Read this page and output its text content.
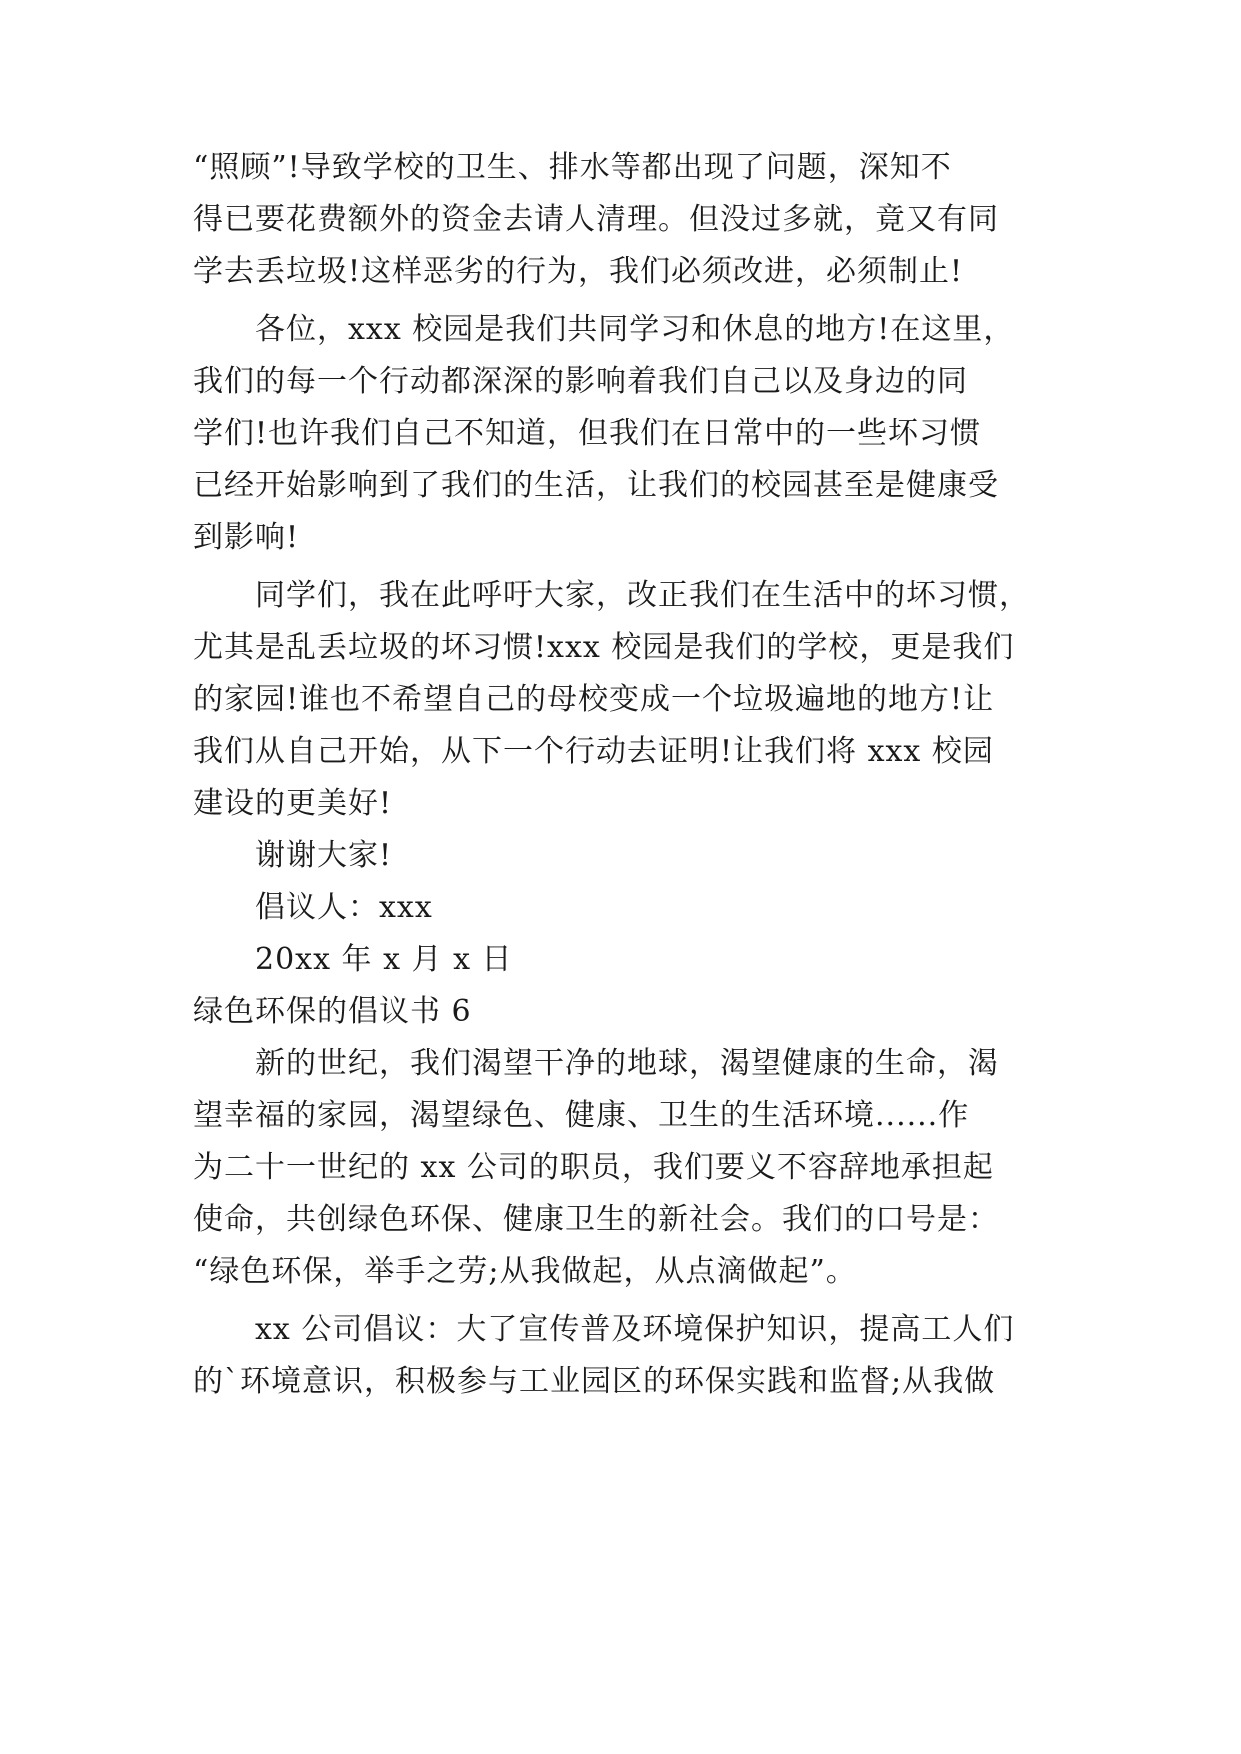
“照顾”!导致学校的卫生、排水等都出现了问题，深知不
得已要花费额外的资金去请人清理。但没过多就，竟又有同
学去丢垃圾!这样恶劣的行为，我们必须改进，必须制止!
各位，xxx 校园是我们共同学习和休息的地方!在这里，
我们的每一个行动都深深的影响着我们自己以及身边的同
学们!也许我们自己不知道，但我们在日常中的一些坏习惯
已经开始影响到了我们的生活，让我们的校园甚至是健康受
到影响!
同学们，我在此呼吁大家，改正我们在生活中的坏习惯，
尤其是乱丢垃圾的坏习惯!xxx 校园是我们的学校，更是我们
的家园!谁也不希望自己的母校变成一个垃圾遍地的地方!让
我们从自己开始，从下一个行动去证明!让我们将 xxx 校园
建设的更美好!
谢谢大家!
倡议人：xxx
20xx 年 x 月 x 日
绿色环保的倡议书 6
新的世纪，我们渴望干净的地球，渴望健康的生命，渴
望幸福的家园，渴望绿色、健康、卫生的生活环境......作
为二十一世纪的 xx 公司的职员，我们要义不容辞地承担起
使命，共创绿色环保、健康卫生的新社会。我们的口号是：
“绿色环保，举手之劳;从我做起，从点滴做起”。
xx 公司倡议：大了宣传普及环境保护知识，提高工人们
的`环境意识，积极参与工业园区的环保实践和监督;从我做
